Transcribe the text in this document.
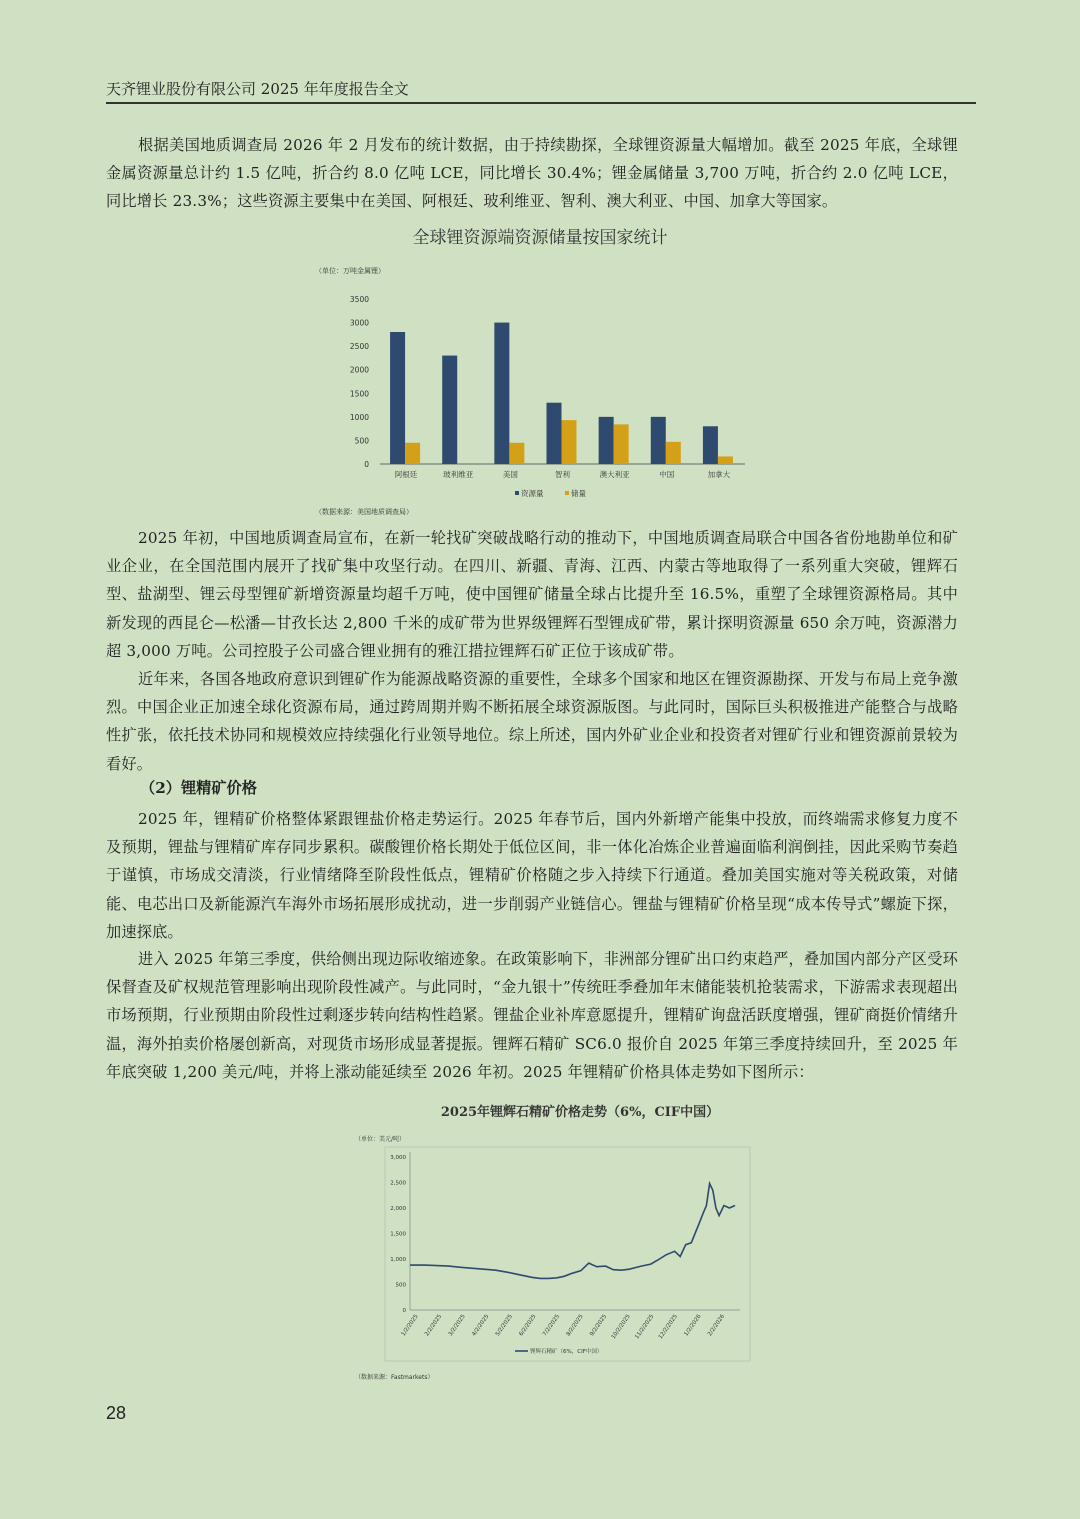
天齐锂业股份有限公司 2025 年年度报告全文

根据美国地质调查局 2026 年 2 月发布的统计数据，由于持续勘探，全球锂资源量大幅增加。截至 2025 年底，全球锂金属资源量总计约 1.5 亿吨，折合约 8.0 亿吨 LCE，同比增长 30.4%；锂金属储量 3,700 万吨，折合约 2.0 亿吨 LCE，同比增长 23.3%；这些资源主要集中在美国、阿根廷、玻利维亚、智利、澳大利亚、中国、加拿大等国家。

全球锂资源端资源储量按国家统计
（单位：万吨金属锂）
0
500
1000
1500
2000
2500
3000
3500
阿根廷	玻利维亚	美国	智利	澳大利亚	中国	加拿大
资源量	储量
（数据来源：美国地质调查局）

2025 年初，中国地质调查局宣布，在新一轮找矿突破战略行动的推动下，中国地质调查局联合中国各省份地勘单位和矿业企业，在全国范围内展开了找矿集中攻坚行动。在四川、新疆、青海、江西、内蒙古等地取得了一系列重大突破，锂辉石型、盐湖型、锂云母型锂矿新增资源量均超千万吨，使中国锂矿储量全球占比提升至 16.5%，重塑了全球锂资源格局。其中新发现的西昆仑—松潘—甘孜长达 2,800 千米的成矿带为世界级锂辉石型锂成矿带，累计探明资源量 650 余万吨，资源潜力超 3,000 万吨。公司控股子公司盛合锂业拥有的雅江措拉锂辉石矿正位于该成矿带。

近年来，各国各地政府意识到锂矿作为能源战略资源的重要性，全球多个国家和地区在锂资源勘探、开发与布局上竞争激烈。中国企业正加速全球化资源布局，通过跨周期并购不断拓展全球资源版图。与此同时，国际巨头积极推进产能整合与战略性扩张，依托技术协同和规模效应持续强化行业领导地位。综上所述，国内外矿业企业和投资者对锂矿行业和锂资源前景较为看好。

（2）锂精矿价格

2025 年，锂精矿价格整体紧跟锂盐价格走势运行。2025 年春节后，国内外新增产能集中投放，而终端需求修复力度不及预期，锂盐与锂精矿库存同步累积。碳酸锂价格长期处于低位区间，非一体化冶炼企业普遍面临利润倒挂，因此采购节奏趋于谨慎，市场成交清淡，行业情绪降至阶段性低点，锂精矿价格随之步入持续下行通道。叠加美国实施对等关税政策，对储能、电芯出口及新能源汽车海外市场拓展形成扰动，进一步削弱产业链信心。锂盐与锂精矿价格呈现“成本传导式”螺旋下探，加速探底。

进入 2025 年第三季度，供给侧出现边际收缩迹象。在政策影响下，非洲部分锂矿出口约束趋严，叠加国内部分产区受环保督查及矿权规范管理影响出现阶段性减产。与此同时，“金九银十”传统旺季叠加年末储能装机抢装需求，下游需求表现超出市场预期，行业预期由阶段性过剩逐步转向结构性趋紧。锂盐企业补库意愿提升，锂精矿询盘活跃度增强，锂矿商挺价情绪升温，海外拍卖价格屡创新高，对现货市场形成显著提振。锂辉石精矿 SC6.0 报价自 2025 年第三季度持续回升，至 2025 年年底突破 1,200 美元/吨，并将上涨动能延续至 2026 年初。2025 年锂精矿价格具体走势如下图所示：

2025年锂辉石精矿价格走势（6%，CIF中国）
（单位：美元/吨）
0
500
1,000
1,500
2,000
2,500
3,000
1/2/2025 2/2/2025 3/2/2025 4/2/2025 5/2/2025 6/2/2025 7/2/2025 8/2/2025 9/2/2025 10/2/2025 11/2/2025 12/2/2025 1/2/2026 2/2/2026
锂辉石精矿（6%，CIF中国）
（数据来源：Fastmarkets）
28
